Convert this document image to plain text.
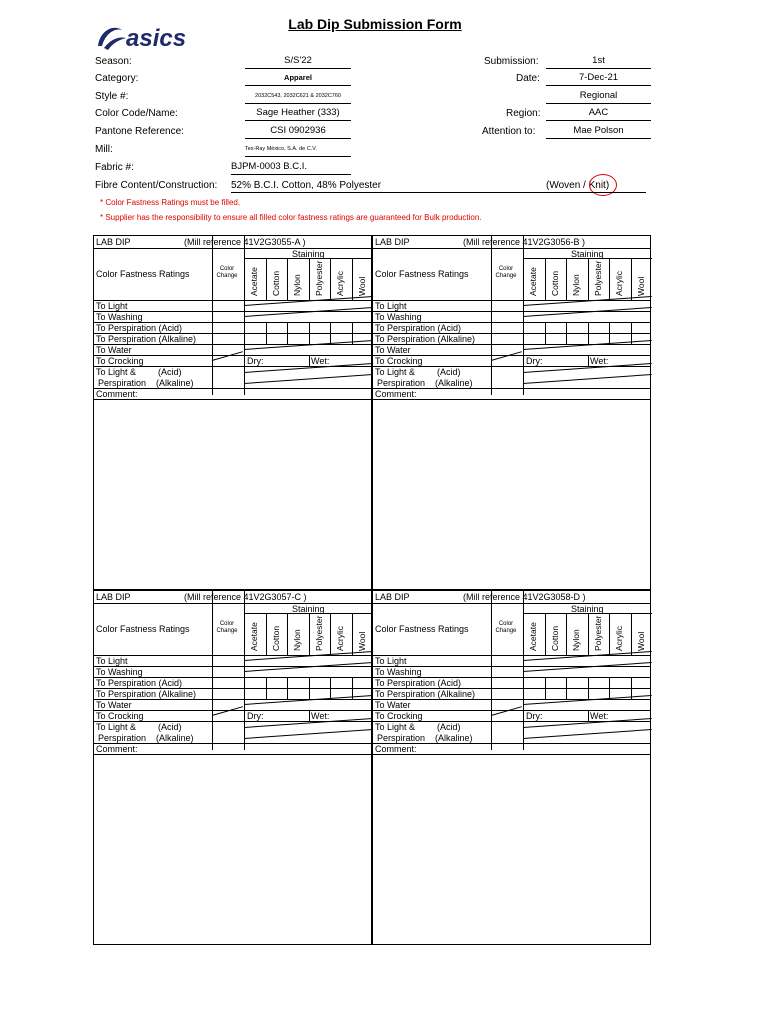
asics
Lab Dip Submission Form
Season:	S/S'22
Category:	Apparel
Style #:	2032C543, 2032C621 & 2032C760
Color Code/Name:	Sage Heather (333)
Pantone Reference:	CSI 0902936
Mill:	Tex-Ray México, S.A. de C.V.
Fabric #:	BJPM-0003 B.C.I.
Fibre Content/Construction: 52% B.C.I. Cotton, 48% Polyester	(Woven / Knit)
Submission:	1st
Date:	7-Dec-21
Regional
Region:	AAC
Attention to:	Mae Polson
* Color Fastness Ratings must be filled.
* Supplier has the responsibility to ensure all filled color fastness ratings are guaranteed for Bulk production.
LAB DIP	(Mill reference 41V2G3055-A )
Staining
Color Fastness Ratings	Color Change	Acetate Cotton Nylon Polyester Acrylic Wool
To Light
To Washing
To Perspiration (Acid)
To Perspiration (Alkaline)
To Water
To Crocking	Dry:	Wet:
To Light & (Acid)
Perspiration (Alkaline)
Comment:
LAB DIP	(Mill reference 41V2G3056-B )
Staining
Color Fastness Ratings	Color Change	Acetate Cotton Nylon Polyester Acrylic Wool
To Light
To Washing
To Perspiration (Acid)
To Perspiration (Alkaline)
To Water
To Crocking	Dry:	Wet:
To Light & (Acid)
Perspiration (Alkaline)
Comment:
LAB DIP	(Mill reference 41V2G3057-C )
Staining
Color Fastness Ratings	Color Change	Acetate Cotton Nylon Polyester Acrylic Wool
To Light
To Washing
To Perspiration (Acid)
To Perspiration (Alkaline)
To Water
To Crocking	Dry:	Wet:
To Light & (Acid)
Perspiration (Alkaline)
Comment:
LAB DIP	(Mill reference 41V2G3058-D )
Staining
Color Fastness Ratings	Color Change	Acetate Cotton Nylon Polyester Acrylic Wool
To Light
To Washing
To Perspiration (Acid)
To Perspiration (Alkaline)
To Water
To Crocking	Dry:	Wet:
To Light & (Acid)
Perspiration (Alkaline)
Comment:
